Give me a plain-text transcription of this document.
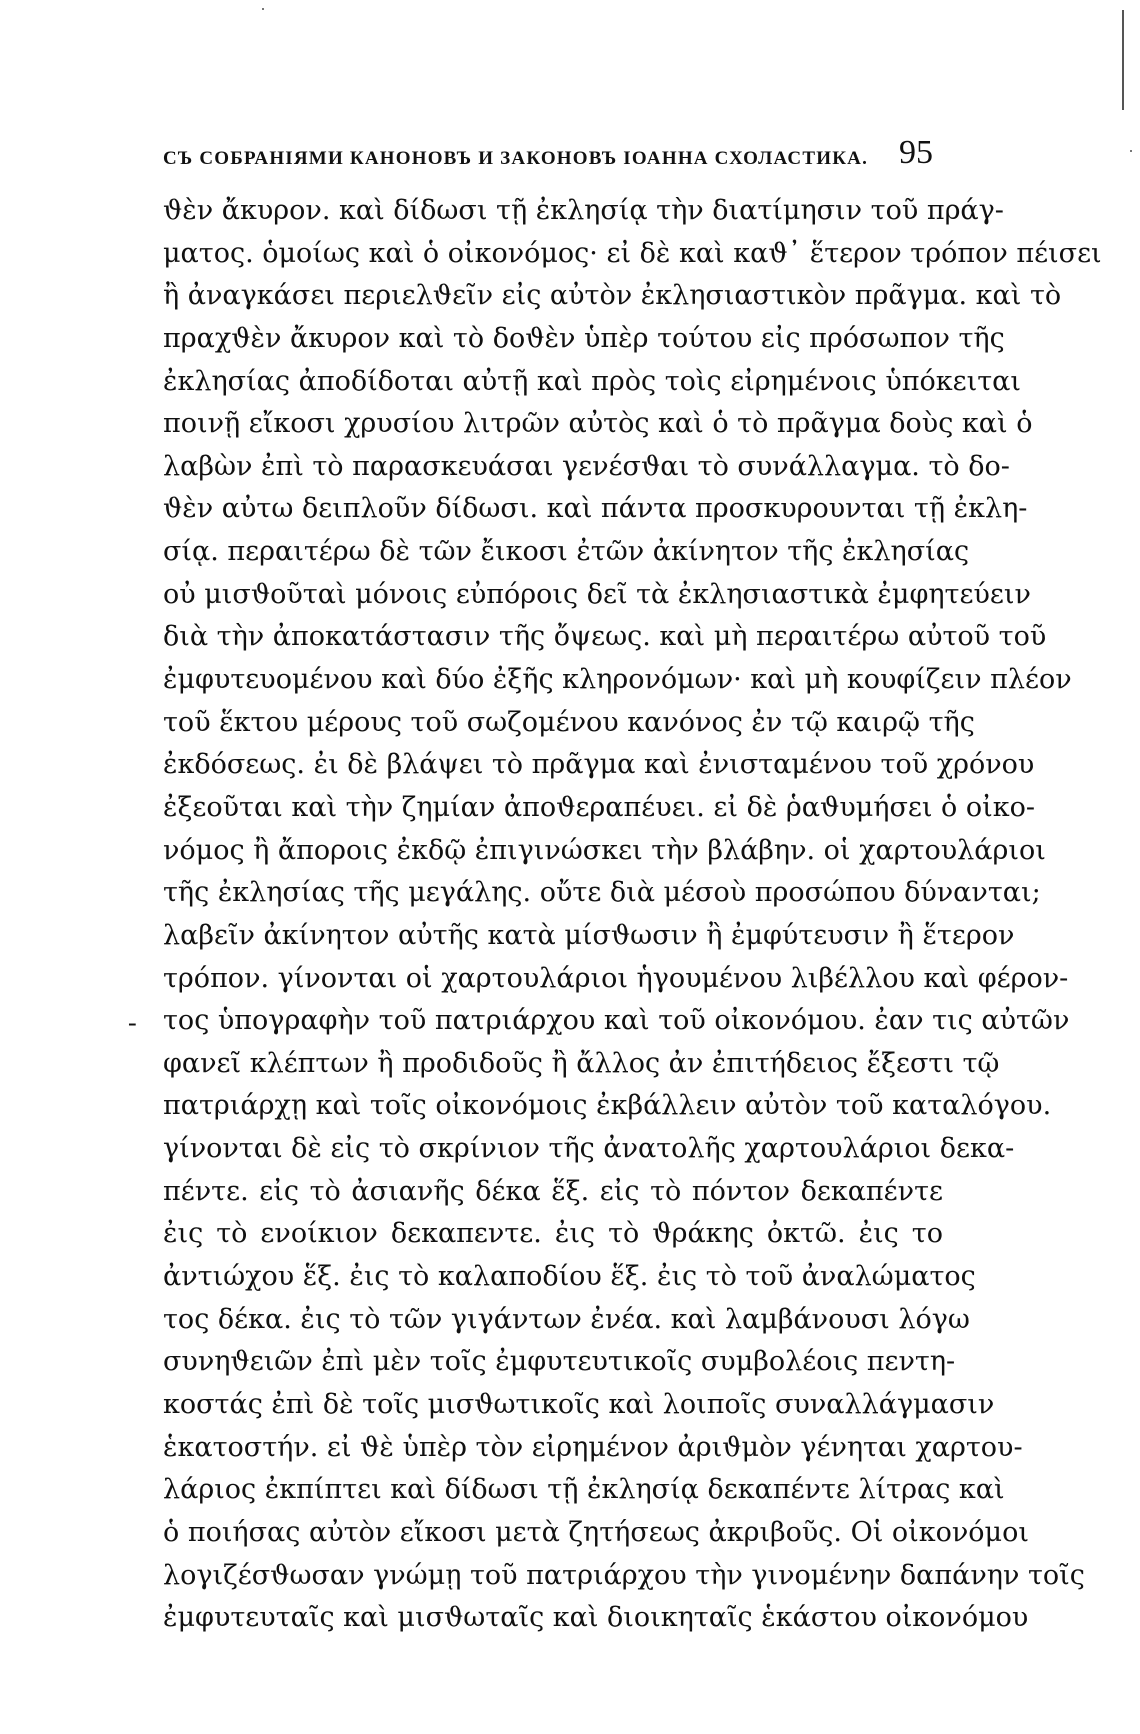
СЪ СОБРАНІЯМИ КАНОНОВЪ И ЗАКОНОВЪ ІОАННА СХОЛАСТИКА. 95
-
ϑὲν ἄκυρον. καὶ δίδωσι τῇ ἐκλησίᾳ τὴν διατίμησιν τοῦ πράγ-
ματος. ὁμοίως καὶ ὁ οἰκονόμος· εἰ δὲ καὶ καϑ᾽ ἕτερον τρόπον πέισει
ἢ ἀναγκάσει περιελϑεῖν εἰς αὐτὸν ἐκλησιαστικὸν πρᾶγμα. καὶ τὸ
πραχϑὲν ἄκυρον καὶ τὸ δοϑὲν ὑπὲρ τούτου εἰς πρόσωπον τῆς
ἐκλησίας ἀποδίδοται αὐτῇ καὶ πρὸς τοὶς εἰρημένοις ὑπόκειται
ποινῇ εἴκοσι χρυσίου λιτρῶν αὐτὸς καὶ ὁ τὸ πρᾶγμα δοὺς καὶ ὁ
λαβὼν ἐπὶ τὸ παρασκευάσαι γενέσϑαι τὸ συνάλλαγμα. τὸ δο-
ϑὲν αὐτω δειπλοῦν δίδωσι. καὶ πάντα προσκυρουνται τῇ ἐκλη-
σίᾳ. περαιτέρω δὲ τῶν ἔικοσι ἐτῶν ἀκίνητον τῆς ἐκλησίας
οὐ μισϑοῦταὶ μόνοις εὐπόροις δεῖ τὰ ἐκλησιαστικὰ ἐμφητεύειν
διὰ τὴν ἀποκατάστασιν τῆς ὄψεως. καὶ μὴ περαιτέρω αὐτοῦ τοῦ
ἐμφυτευομένου καὶ δύο ἐξῆς κληρονόμων· καὶ μὴ κουφίζειν πλέον
τοῦ ἕκτου μέρους τοῦ σωζομένου κανόνος ἐν τῷ καιρῷ τῆς
ἐκδόσεως. ἐι δὲ βλάψει τὸ πρᾶγμα καὶ ἐνισταμένου τοῦ χρόνου
ἐξεοῦται καὶ τὴν ζημίαν ἀποϑεραπέυει. εἰ δὲ ῥαϑυμήσει ὁ οἰκο-
νόμος ἢ ἄποροις ἐκδῷ ἐπιγινώσκει τὴν βλάβην. οἱ χαρτουλάριοι
τῆς ἐκλησίας τῆς μεγάλης. οὔτε διὰ μέσοὺ προσώπου δύνανται;
λαβεῖν ἀκίνητον αὐτῆς κατὰ μίσϑωσιν ἢ ἐμφύτευσιν ἢ ἕτερον
τρόπον. γίνονται οἱ χαρτουλάριοι ἡγουμένου λιβέλλου καὶ φέρον-
τος ὑπογραφὴν τοῦ πατριάρχου καὶ τοῦ οἰκονόμου. ἐαν τις αὐτῶν
φανεῖ κλέπτων ἢ προδιδοῦς ἢ ἄλλος ἀν ἐπιτήδειος ἔξεστι τῷ
πατριάρχῃ καὶ τοῖς οἰκονόμοις ἐκβάλλειν αὐτὸν τοῦ καταλόγου.
γίνονται δὲ εἰς τὸ σκρίνιον τῆς ἀνατολῆς χαρτουλάριοι δεκα-
πέντε. εἰς τὸ ἀσιανῆς δέκα ἕξ. εἰς τὸ πόντον δεκαπέντε
ἐις τὸ ενοίκιον δεκαπεντε. ἐις τὸ ϑράκης ὀκτῶ. ἐις το
ἀντιώχου ἕξ. ἐις τὸ καλαποδίου ἕξ. ἐις τὸ τοῦ ἀναλώματος
τος δέκα. ἐις τὸ τῶν γιγάντων ἐνέα. καὶ λαμβάνουσι λόγω
συνηϑειῶν ἐπὶ μὲν τοῖς ἐμφυτευτικοῖς συμβολέοις πεντη-
κοστάς ἐπὶ δὲ τοῖς μισϑωτικοῖς καὶ λοιποῖς συναλλάγμασιν
ἑκατοστήν. εἰ ϑὲ ὑπὲρ τὸν εἰρημένον ἀριϑμὸν γένηται χαρτου-
λάριος ἐκπίπτει καὶ δίδωσι τῇ ἐκλησίᾳ δεκαπέντε λίτρας καὶ
ὁ ποιήσας αὐτὸν εἴκοσι μετὰ ζητήσεως ἀκριβοῦς. Οἱ οἰκονόμοι
λογιζέσϑωσαν γνώμῃ τοῦ πατριάρχου τὴν γινομένην δαπάνην τοῖς
ἐμφυτευταῖς καὶ μισϑωταῖς καὶ διοικηταῖς ἑκάστου οἰκονόμου
